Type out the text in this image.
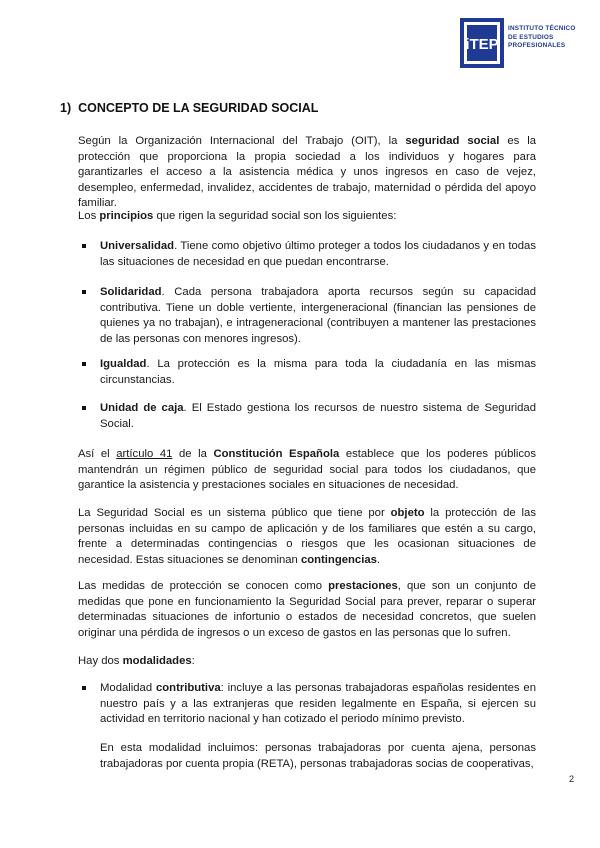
iTEP
INSTITUTO TÉCNICO
DE ESTUDIOS
PROFESIONALES
1) CONCEPTO DE LA SEGURIDAD SOCIAL

Según la Organización Internacional del Trabajo (OIT), la seguridad social es la protección que proporciona la propia sociedad a los individuos y hogares para garantizarles el acceso a la asistencia médica y unos ingresos en caso de vejez, desempleo, enfermedad, invalidez, accidentes de trabajo, maternidad o pérdida del apoyo familiar.

Los principios que rigen la seguridad social son los siguientes:

Universalidad. Tiene como objetivo último proteger a todos los ciudadanos y en todas las situaciones de necesidad en que puedan encontrarse.

Solidaridad. Cada persona trabajadora aporta recursos según su capacidad contributiva. Tiene un doble vertiente, intergeneracional (financian las pensiones de quienes ya no trabajan), e intrageneracional (contribuyen a mantener las prestaciones de las personas con menores ingresos).

Igualdad. La protección es la misma para toda la ciudadanía en las mismas circunstancias.

Unidad de caja. El Estado gestiona los recursos de nuestro sistema de Seguridad Social.

Así el artículo 41 de la Constitución Española establece que los poderes públicos mantendrán un régimen público de seguridad social para todos los ciudadanos, que garantice la asistencia y prestaciones sociales en situaciones de necesidad.

La Seguridad Social es un sistema público que tiene por objeto la protección de las personas incluidas en su campo de aplicación y de los familiares que estén a su cargo, frente a determinadas contingencias o riesgos que les ocasionan situaciones de necesidad. Estas situaciones se denominan contingencias.

Las medidas de protección se conocen como prestaciones, que son un conjunto de medidas que pone en funcionamiento la Seguridad Social para prever, reparar o superar determinadas situaciones de infortunio o estados de necesidad concretos, que suelen originar una pérdida de ingresos o un exceso de gastos en las personas que lo sufren.

Hay dos modalidades:

Modalidad contributiva: incluye a las personas trabajadoras españolas residentes en nuestro país y a las extranjeras que residen legalmente en España, si ejercen su actividad en territorio nacional y han cotizado el periodo mínimo previsto.

En esta modalidad incluimos: personas trabajadoras por cuenta ajena, personas trabajadoras por cuenta propia (RETA), personas trabajadoras socias de cooperativas,

2
